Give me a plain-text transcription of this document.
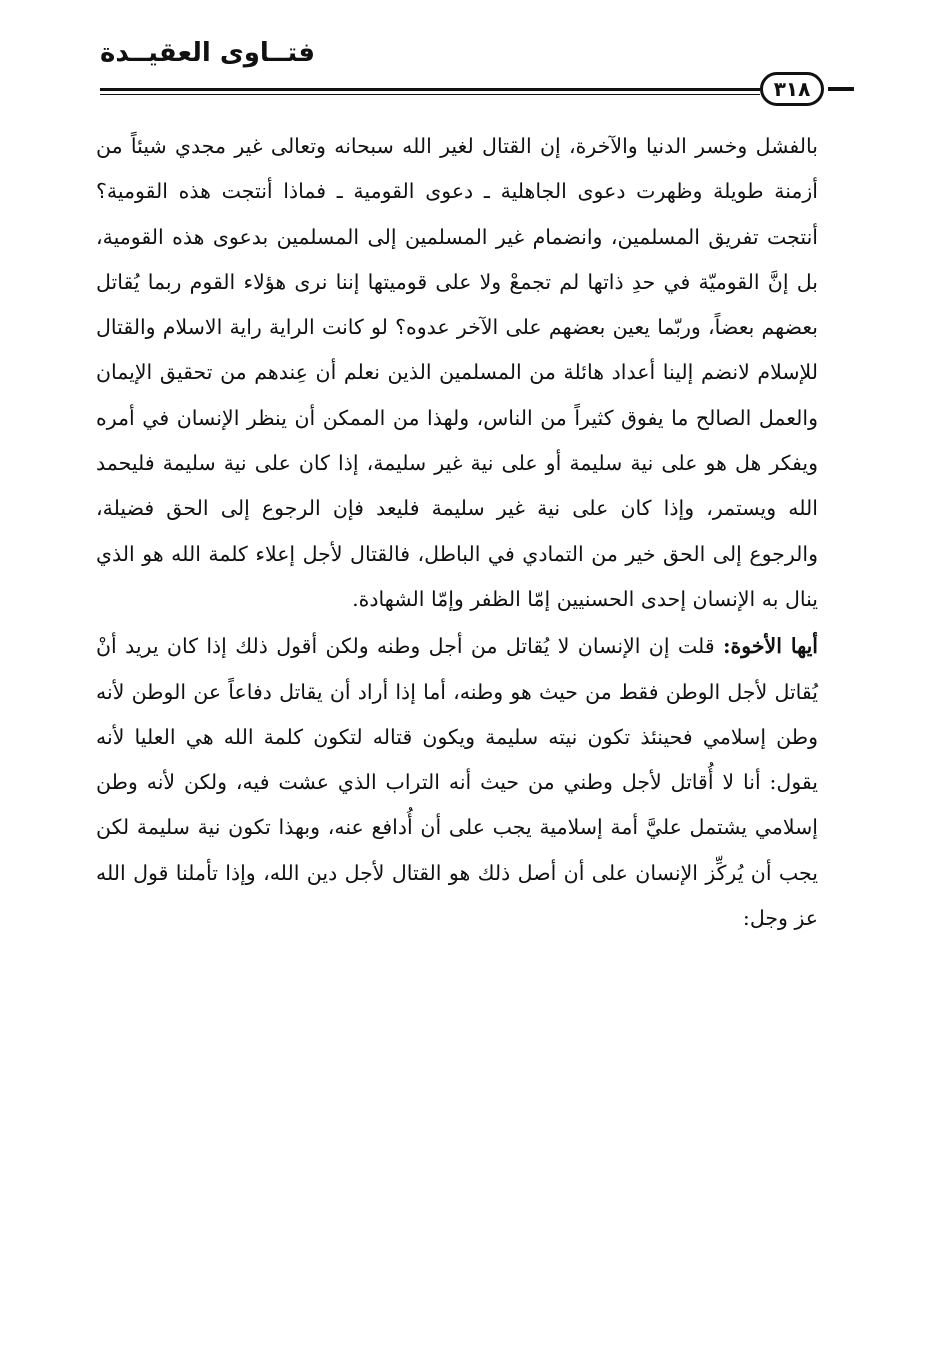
فتــاوى العقيــدة
٣١٨

بالفشل وخسر الدنيا والآخرة، إن القتال لغير الله سبحانه وتعالى غير مجدي شيئاً من أزمنة طويلة وظهرت دعوى الجاهلية ـ دعوى القومية ـ فماذا أنتجت هذه القومية؟ أنتجت تفريق المسلمين، وانضمام غير المسلمين إلى المسلمين بدعوى هذه القومية، بل إنَّ القوميّة في حدِ ذاتها لم تجمعْ ولا على قوميتها إننا نرى هؤلاء القوم ربما يُقاتل بعضهم بعضاً، وربّما يعين بعضهم على الآخر عدوه؟ لو كانت الراية راية الاسلام والقتال للإسلام لانضم إلينا أعداد هائلة من المسلمين الذين نعلم أن عِندهم من تحقيق الإيمان والعمل الصالح ما يفوق كثيراً من الناس، ولهذا من الممكن أن ينظر الإنسان في أمره ويفكر هل هو على نية سليمة أو على نية غير سليمة، إذا كان على نية سليمة فليحمد الله ويستمر، وإذا كان على نية غير سليمة فليعد فإن الرجوع إلى الحق فضيلة، والرجوع إلى الحق خير من التمادي في الباطل، فالقتال لأجل إعلاء كلمة الله هو الذي ينال به الإنسان إحدى الحسنيين إمّا الظفر وإمّا الشهادة.

أيها الأخوة: قلت إن الإنسان لا يُقاتل من أجل وطنه ولكن أقول ذلك إذا كان يريد أنْ يُقاتل لأجل الوطن فقط من حيث هو وطنه، أما إذا أراد أن يقاتل دفاعاً عن الوطن لأنه وطن إسلامي فحينئذ تكون نيته سليمة ويكون قتاله لتكون كلمة الله هي العليا لأنه يقول: أنا لا أُقاتل لأجل وطني من حيث أنه التراب الذي عشت فيه، ولكن لأنه وطن إسلامي يشتمل عليَّ أمة إسلامية يجب على أن أُدافع عنه، وبهذا تكون نية سليمة لكن يجب أن يُركِّز الإنسان على أن أصل ذلك هو القتال لأجل دين الله، وإذا تأملنا قول الله عز وجل:
